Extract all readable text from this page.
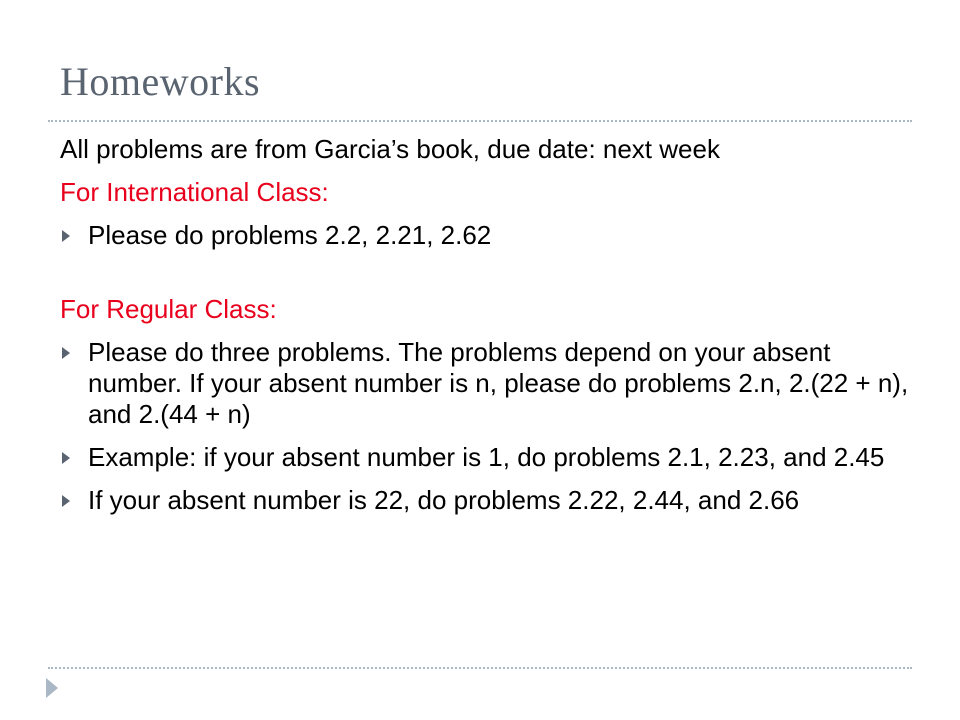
Homeworks
All problems are from Garcia’s book, due date: next week
For International Class:
Please do problems 2.2, 2.21, 2.62
For Regular Class:
Please do three problems. The problems depend on your absent number. If your absent number is n, please do problems 2.n, 2.(22 + n), and 2.(44 + n)
Example: if your absent number is 1, do problems 2.1, 2.23, and 2.45
If your absent number is 22, do problems 2.22, 2.44, and 2.66
